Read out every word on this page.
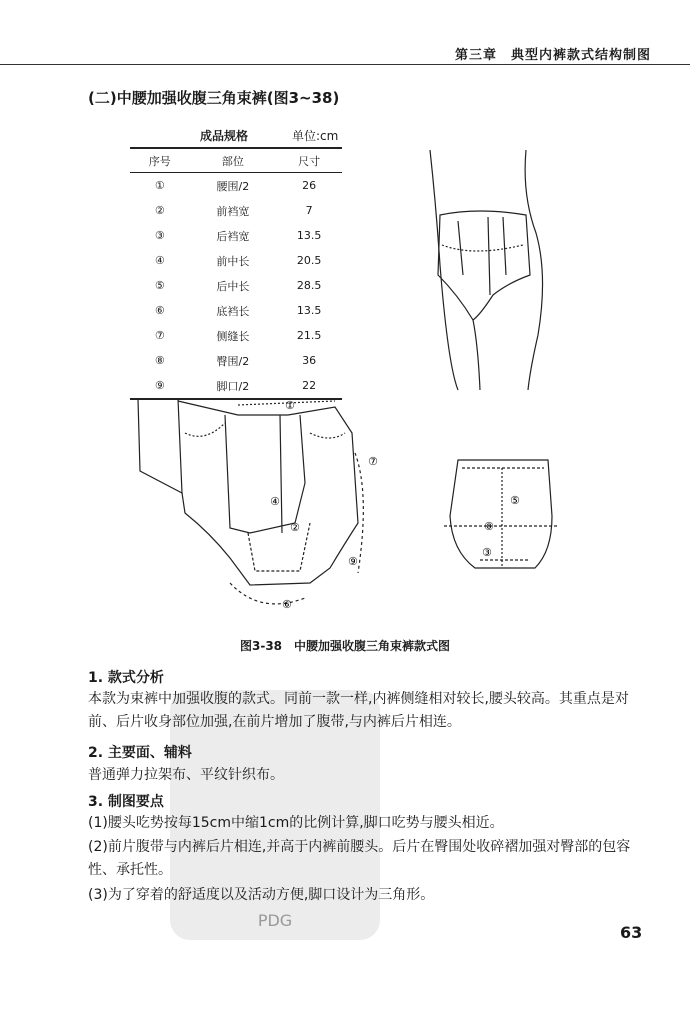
第三章　典型内裤款式结构制图
(二)中腰加强收腹三角束裤(图3~38)
成品规格	单位:cm
序号	部位	尺寸
①	腰围/2	26
②	前裆宽	7
③	后裆宽	13.5
④	前中长	20.5
⑤	后中长	28.5
⑥	底裆长	13.5
⑦	侧缝长	21.5
⑧	臀围/2	36
⑨	脚口/2	22
①
②
④
⑥
⑦
⑨
⑤
⑧
③
图3-38　中腰加强收腹三角束裤款式图
PDG
1. 款式分析
本款为束裤中加强收腹的款式。同前一款一样,内裤侧缝相对较长,腰头较高。其重点是对前、后片收身部位加强,在前片增加了腹带,与内裤后片相连。
2. 主要面、辅料
普通弹力拉架布、平纹针织布。
3. 制图要点
(1)腰头吃势按每15cm中缩1cm的比例计算,脚口吃势与腰头相近。
(2)前片腹带与内裤后片相连,并高于内裤前腰头。后片在臀围处收碎褶加强对臀部的包容性、承托性。
(3)为了穿着的舒适度以及活动方便,脚口设计为三角形。
63
